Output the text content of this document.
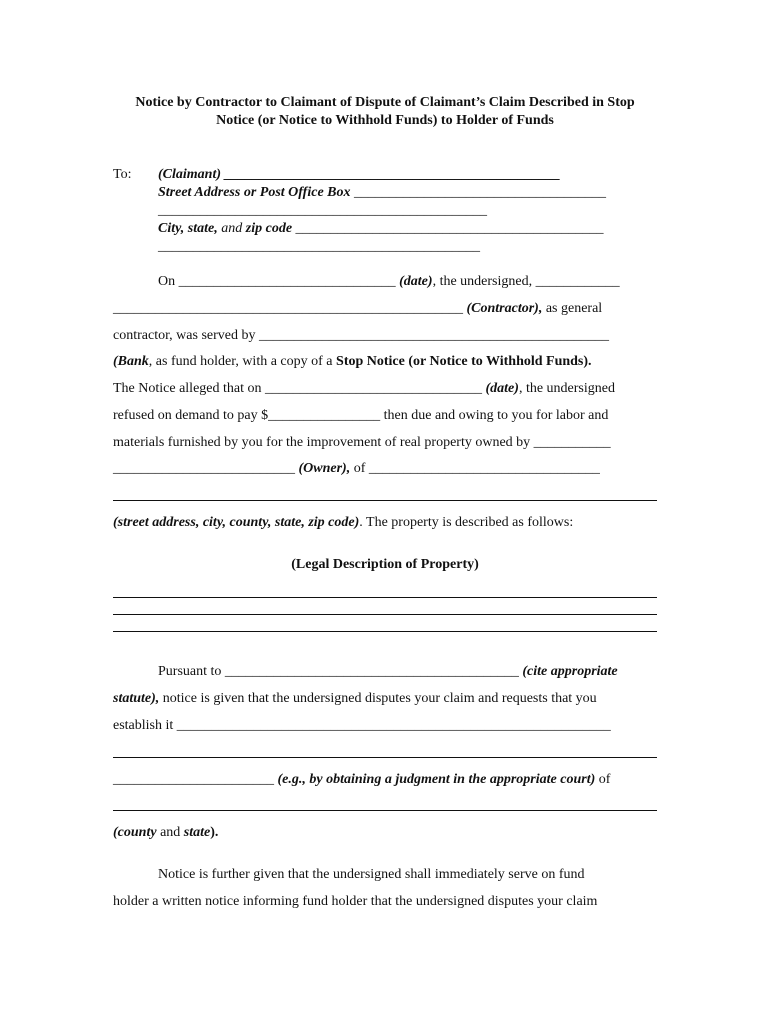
Notice by Contractor to Claimant of Dispute of Claimant’s Claim Described in Stop
Notice (or Notice to Withhold Funds) to Holder of Funds
To: (Claimant) ________________________________________________
Street Address or Post Office Box ____________________________________
_______________________________________________
City, state, and zip code ____________________________________________
______________________________________________
On _______________________________ (date), the undersigned, ____________
__________________________________________________ (Contractor), as general
contractor, was served by __________________________________________________
(Bank, as fund holder, with a copy of a Stop Notice (or Notice to Withhold Funds).
The Notice alleged that on _______________________________ (date), the undersigned
refused on demand to pay $________________ then due and owing to you for labor and
materials furnished by you for the improvement of real property owned by ___________
__________________________ (Owner), of _________________________________
(street address, city, county, state, zip code). The property is described as follows:
(Legal Description of Property)
Pursuant to __________________________________________ (cite appropriate
statute), notice is given that the undersigned disputes your claim and requests that you
establish it ______________________________________________________________
_______________________ (e.g., by obtaining a judgment in the appropriate court) of
(county and state).
Notice is further given that the undersigned shall immediately serve on fund
holder a written notice informing fund holder that the undersigned disputes your claim
